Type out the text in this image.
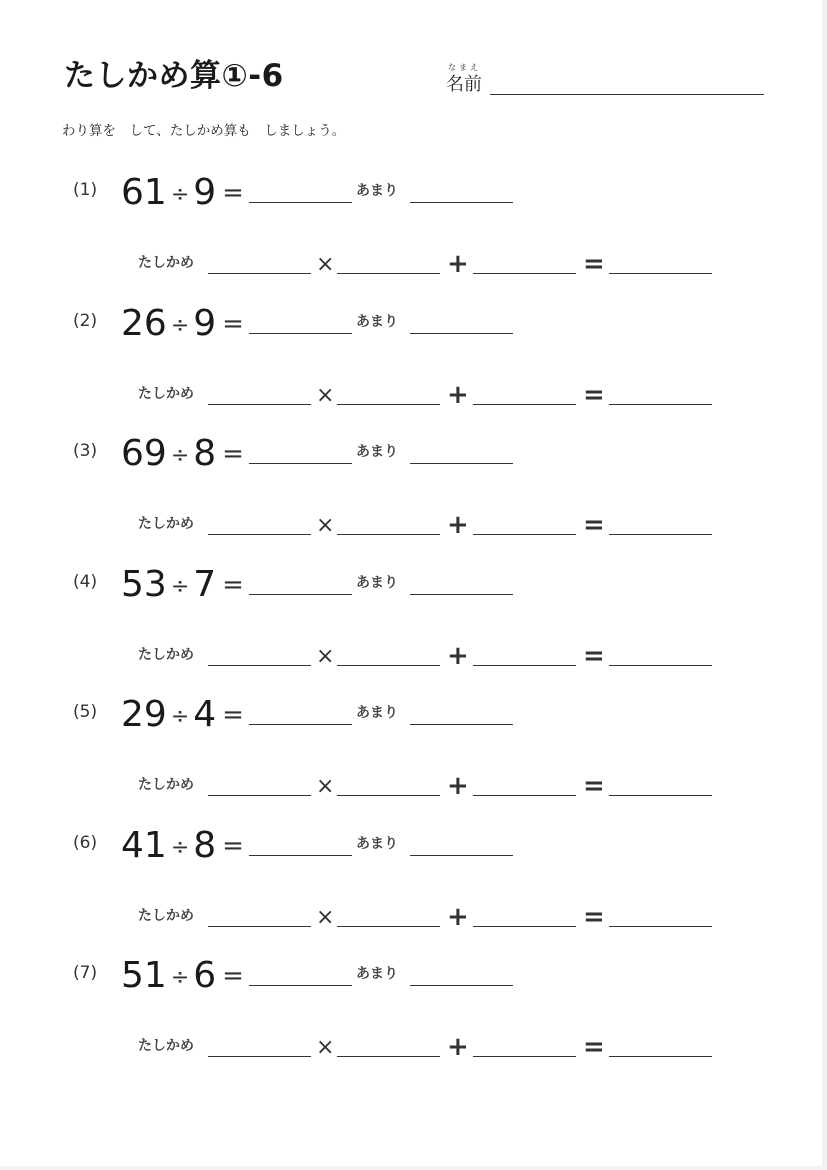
たしかめ算①-6	なまえ
名前
わり算を　して、たしかめ算も　しましょう。
(1) 61 ÷ 9 =	あまり
たしかめ	×	+	=
(2) 26 ÷ 9 =	あまり
たしかめ	×	+	=
(3) 69 ÷ 8 =	あまり
たしかめ	×	+	=
(4) 53 ÷ 7 =	あまり
たしかめ	×	+	=
(5) 29 ÷ 4 =	あまり
たしかめ	×	+	=
(6) 41 ÷ 8 =	あまり
たしかめ	×	+	=
(7) 51 ÷ 6 =	あまり
たしかめ	×	+	=
